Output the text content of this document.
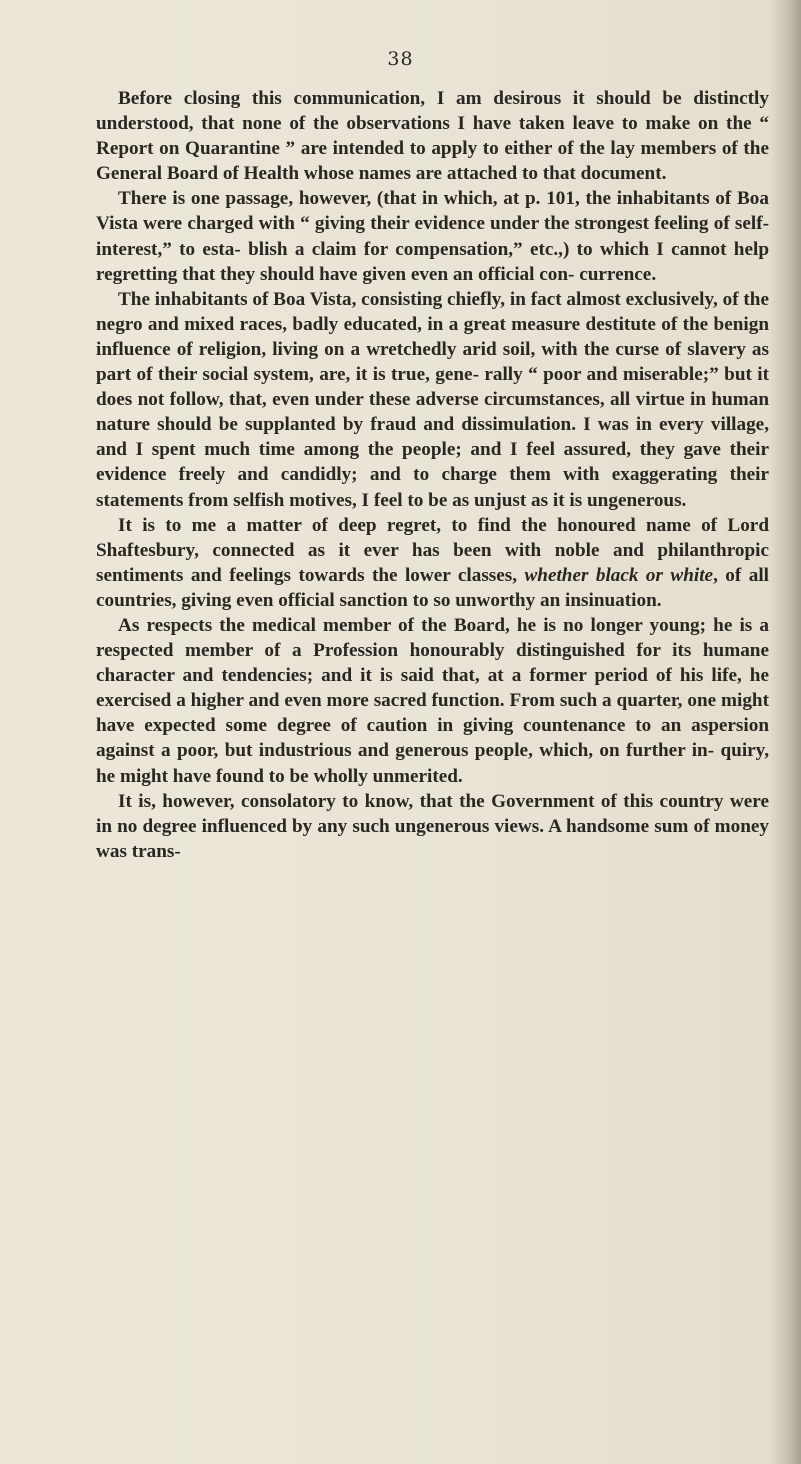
38

Before closing this communication, I am desirous it should be distinctly understood, that none of the observations I have taken leave to make on the “ Report on Quarantine ” are intended to apply to either of the lay members of the General Board of Health whose names are attached to that document.

There is one passage, however, (that in which, at p. 101, the inhabitants of Boa Vista were charged with “ giving their evidence under the strongest feeling of self-interest,” to esta- blish a claim for compensation,” etc.,) to which I cannot help regretting that they should have given even an official con- currence.

The inhabitants of Boa Vista, consisting chiefly, in fact almost exclusively, of the negro and mixed races, badly educated, in a great measure destitute of the benign influence of religion, living on a wretchedly arid soil, with the curse of slavery as part of their social system, are, it is true, gene- rally “ poor and miserable;” but it does not follow, that, even under these adverse circumstances, all virtue in human nature should be supplanted by fraud and dissimulation. I was in every village, and I spent much time among the people; and I feel assured, they gave their evidence freely and candidly; and to charge them with exaggerating their statements from selfish motives, I feel to be as unjust as it is ungenerous.

It is to me a matter of deep regret, to find the honoured name of Lord Shaftesbury, connected as it ever has been with noble and philanthropic sentiments and feelings towards the lower classes, whether black or white, of all countries, giving even official sanction to so unworthy an insinuation.

As respects the medical member of the Board, he is no longer young; he is a respected member of a Profession honourably distinguished for its humane character and tendencies; and it is said that, at a former period of his life, he exercised a higher and even more sacred function. From such a quarter, one might have expected some degree of caution in giving countenance to an aspersion against a poor, but industrious and generous people, which, on further in- quiry, he might have found to be wholly unmerited.

It is, however, consolatory to know, that the Government of this country were in no degree influenced by any such ungenerous views. A handsome sum of money was trans-
